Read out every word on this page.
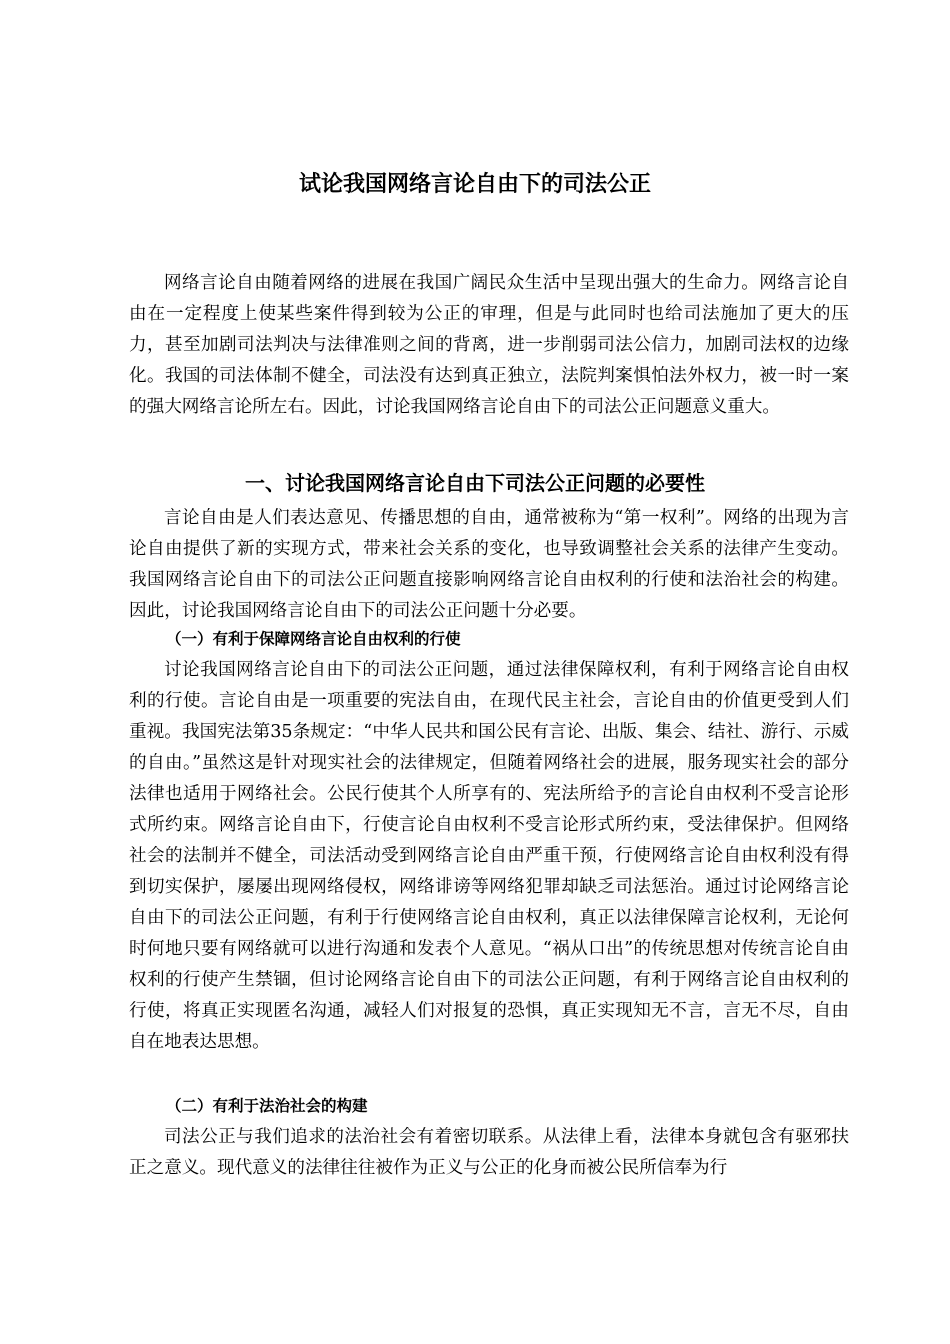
试论我国网络言论自由下的司法公正

网络言论自由随着网络的进展在我国广阔民众生活中呈现出强大的生命力。网络言论自由在一定程度上使某些案件得到较为公正的审理，但是与此同时也给司法施加了更大的压力，甚至加剧司法判决与法律准则之间的背离，进一步削弱司法公信力，加剧司法权的边缘化。我国的司法体制不健全，司法没有达到真正独立，法院判案惧怕法外权力，被一时一案的强大网络言论所左右。因此，讨论我国网络言论自由下的司法公正问题意义重大。

一、讨论我国网络言论自由下司法公正问题的必要性

言论自由是人们表达意见、传播思想的自由，通常被称为“第一权利”。网络的出现为言论自由提供了新的实现方式，带来社会关系的变化，也导致调整社会关系的法律产生变动。我国网络言论自由下的司法公正问题直接影响网络言论自由权利的行使和法治社会的构建。因此，讨论我国网络言论自由下的司法公正问题十分必要。

（一）有利于保障网络言论自由权利的行使

讨论我国网络言论自由下的司法公正问题，通过法律保障权利，有利于网络言论自由权利的行使。言论自由是一项重要的宪法自由，在现代民主社会，言论自由的价值更受到人们重视。我国宪法第35条规定：“中华人民共和国公民有言论、出版、集会、结社、游行、示威的自由。”虽然这是针对现实社会的法律规定，但随着网络社会的进展，服务现实社会的部分法律也适用于网络社会。公民行使其个人所享有的、宪法所给予的言论自由权利不受言论形式所约束。网络言论自由下，行使言论自由权利不受言论形式所约束，受法律保护。但网络社会的法制并不健全，司法活动受到网络言论自由严重干预，行使网络言论自由权利没有得到切实保护，屡屡出现网络侵权，网络诽谤等网络犯罪却缺乏司法惩治。通过讨论网络言论自由下的司法公正问题，有利于行使网络言论自由权利，真正以法律保障言论权利，无论何时何地只要有网络就可以进行沟通和发表个人意见。“祸从口出”的传统思想对传统言论自由权利的行使产生禁锢，但讨论网络言论自由下的司法公正问题，有利于网络言论自由权利的行使，将真正实现匿名沟通，减轻人们对报复的恐惧，真正实现知无不言，言无不尽，自由自在地表达思想。

（二）有利于法治社会的构建

司法公正与我们追求的法治社会有着密切联系。从法律上看，法律本身就包含有驱邪扶正之意义。现代意义的法律往往被作为正义与公正的化身而被公民所信奉为行
